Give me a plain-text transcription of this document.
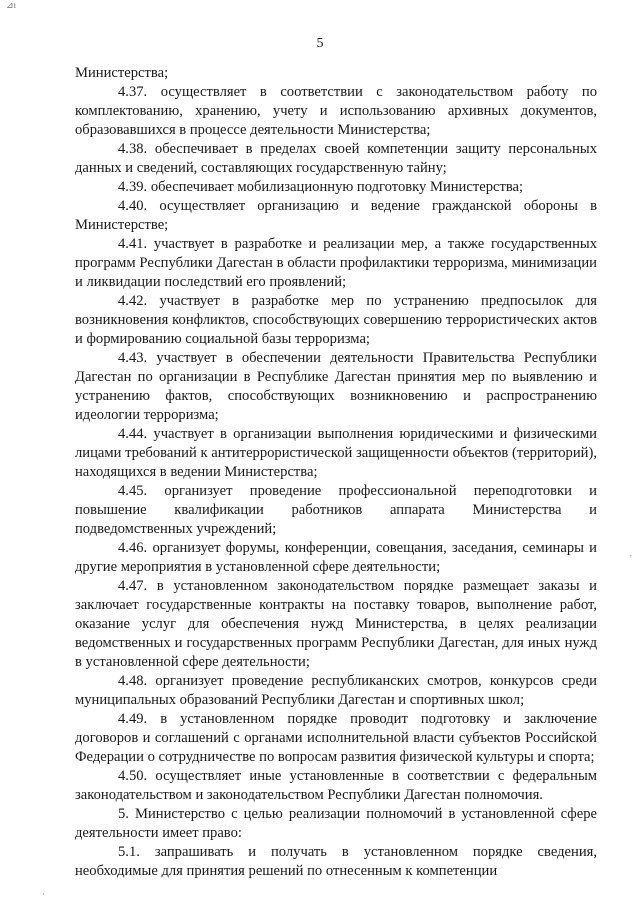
⊿ı
5

Министерства;

4.37. осуществляет в соответствии с законодательством работу по комплектованию, хранению, учету и использованию архивных документов, образовавшихся в процессе деятельности Министерства;

4.38. обеспечивает в пределах своей компетенции защиту персональных данных и сведений, составляющих государственную тайну;

4.39. обеспечивает мобилизационную подготовку Министерства;

4.40. осуществляет организацию и ведение гражданской обороны в Министерстве;

4.41. участвует в разработке и реализации мер, а также государственных программ Республики Дагестан в области профилактики терроризма, минимизации и ликвидации последствий его проявлений;

4.42. участвует в разработке мер по устранению предпосылок для возникновения конфликтов, способствующих совершению террористических актов и формированию социальной базы терроризма;

4.43. участвует в обеспечении деятельности Правительства Республики Дагестан по организации в Республике Дагестан принятия мер по выявлению и устранению фактов, способствующих возникновению и распространению идеологии терроризма;

4.44. участвует в организации выполнения юридическими и физическими лицами требований к антитеррористической защищенности объектов (территорий), находящихся в ведении Министерства;

4.45. организует проведение профессиональной переподготовки и повышение квалификации работников аппарата Министерства и подведомственных учреждений;

4.46. организует форумы, конференции, совещания, заседания, семинары и другие мероприятия в установленной сфере деятельности;

4.47. в установленном законодательством порядке размещает заказы и заключает государственные контракты на поставку товаров, выполнение работ, оказание услуг для обеспечения нужд Министерства, в целях реализации ведомственных и государственных программ Республики Дагестан, для иных нужд в установленной сфере деятельности;

4.48. организует проведение республиканских смотров, конкурсов среди муниципальных образований Республики Дагестан и спортивных школ;

4.49. в установленном порядке проводит подготовку и заключение договоров и соглашений с органами исполнительной власти субъектов Российской Федерации о сотрудничестве по вопросам развития физической культуры и спорта;

4.50. осуществляет иные установленные в соответствии с федеральным законодательством и законодательством Республики Дагестан полномочия.

5. Министерство с целью реализации полномочий в установленной сфере деятельности имеет право:

5.1. запрашивать и получать в установленном порядке сведения, необходимые для принятия решений по отнесенным к компетенции

,
·
